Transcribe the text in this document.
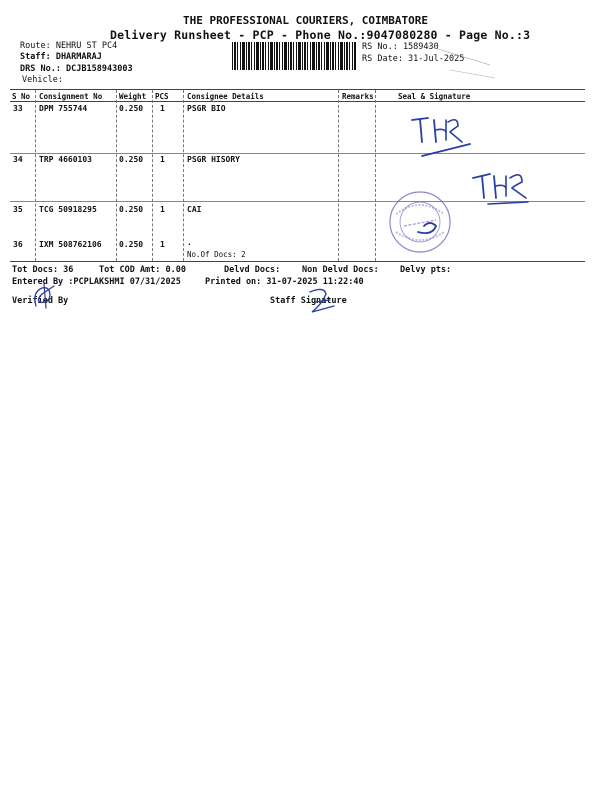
THE PROFESSIONAL COURIERS, COIMBATORE
Delivery Runsheet - PCP - Phone No.:9047080280 - Page No.:3
Route: NEHRU ST PC4
Staff: DHARMARAJ
DRS No.: DCJB158943003
Vehicle:
RS No.: 1589430
RS Date: 31-Jul-2025
S No Consignment No Weight PCS Consignee Details	Remarks	Seal & Signature
33 DPM 755744	0.250 1	PSGR BIO
34 TRP 4660103	0.250 1	PSGR HISORY
35 TCG 50918295	0.250 1	CAI
36 IXM 508762106 0.250 1	.
No.Of Docs: 2
Tot Docs: 36	Tot COD Amt: 0.00	Delvd Docs:	Non Delvd Docs: Delvy pts:
Entered By :PCPLAKSHMI 07/31/2025	Printed on: 31-07-2025 11:22:40
Verified By	Staff Signature
